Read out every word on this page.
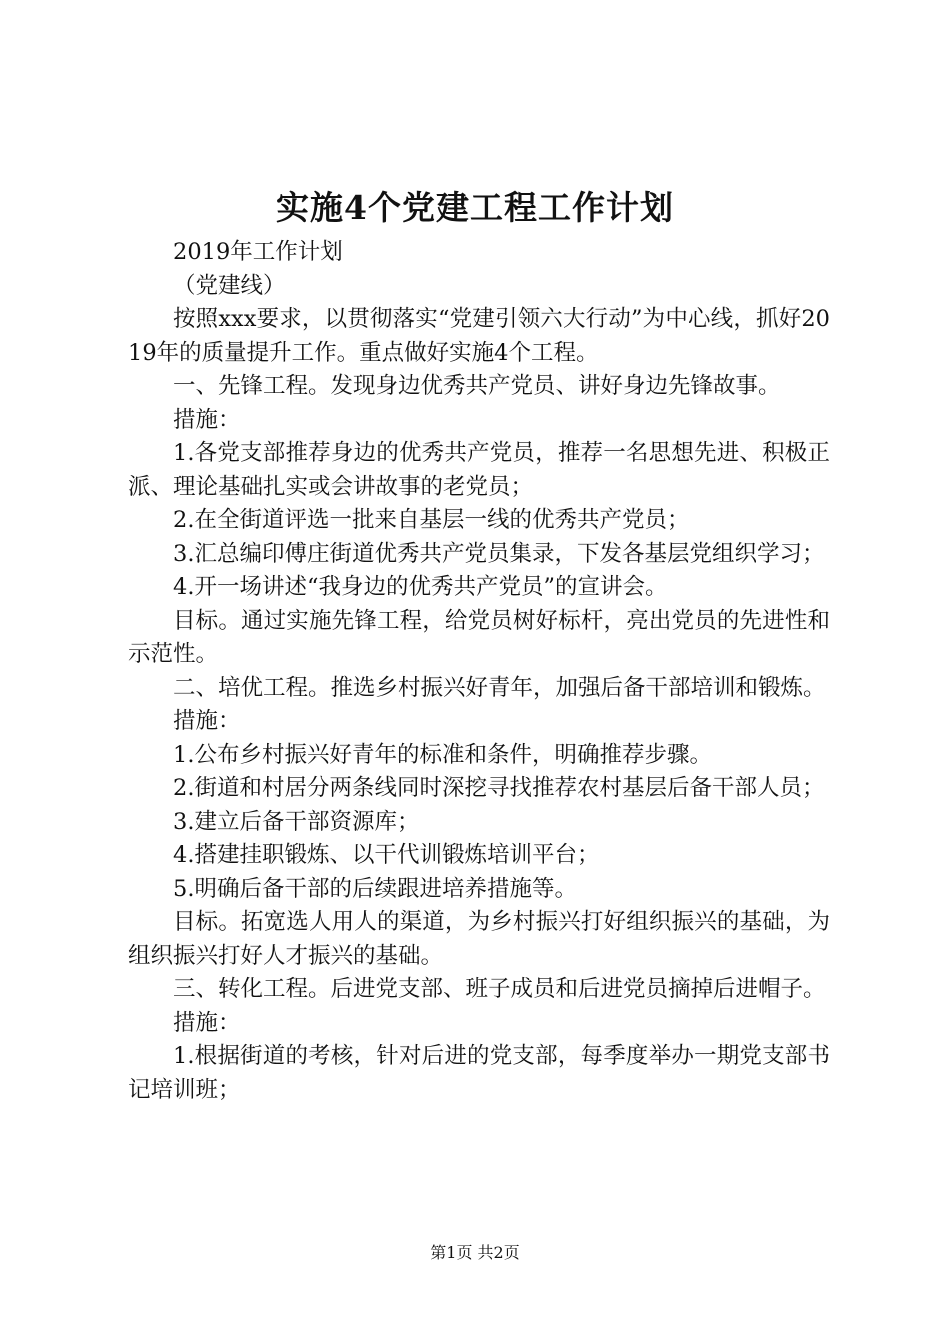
实施4个党建工程工作计划

2019年工作计划

（党建线）

按照xxx要求，以贯彻落实“党建引领六大行动”为中心线，抓好2019年的质量提升工作。重点做好实施4个工程。

一、先锋工程。发现身边优秀共产党员、讲好身边先锋故事。

措施：

1.各党支部推荐身边的优秀共产党员，推荐一名思想先进、积极正派、理论基础扎实或会讲故事的老党员；

2.在全街道评选一批来自基层一线的优秀共产党员；

3.汇总编印傅庄街道优秀共产党员集录，下发各基层党组织学习；

4.开一场讲述“我身边的优秀共产党员”的宣讲会。

目标。通过实施先锋工程，给党员树好标杆，亮出党员的先进性和示范性。

二、培优工程。推选乡村振兴好青年，加强后备干部培训和锻炼。

措施：

1.公布乡村振兴好青年的标准和条件，明确推荐步骤。

2.街道和村居分两条线同时深挖寻找推荐农村基层后备干部人员；

3.建立后备干部资源库；

4.搭建挂职锻炼、以干代训锻炼培训平台；

5.明确后备干部的后续跟进培养措施等。

目标。拓宽选人用人的渠道，为乡村振兴打好组织振兴的基础，为组织振兴打好人才振兴的基础。

三、转化工程。后进党支部、班子成员和后进党员摘掉后进帽子。

措施：

1.根据街道的考核，针对后进的党支部，每季度举办一期党支部书记培训班；

第1页 共2页
